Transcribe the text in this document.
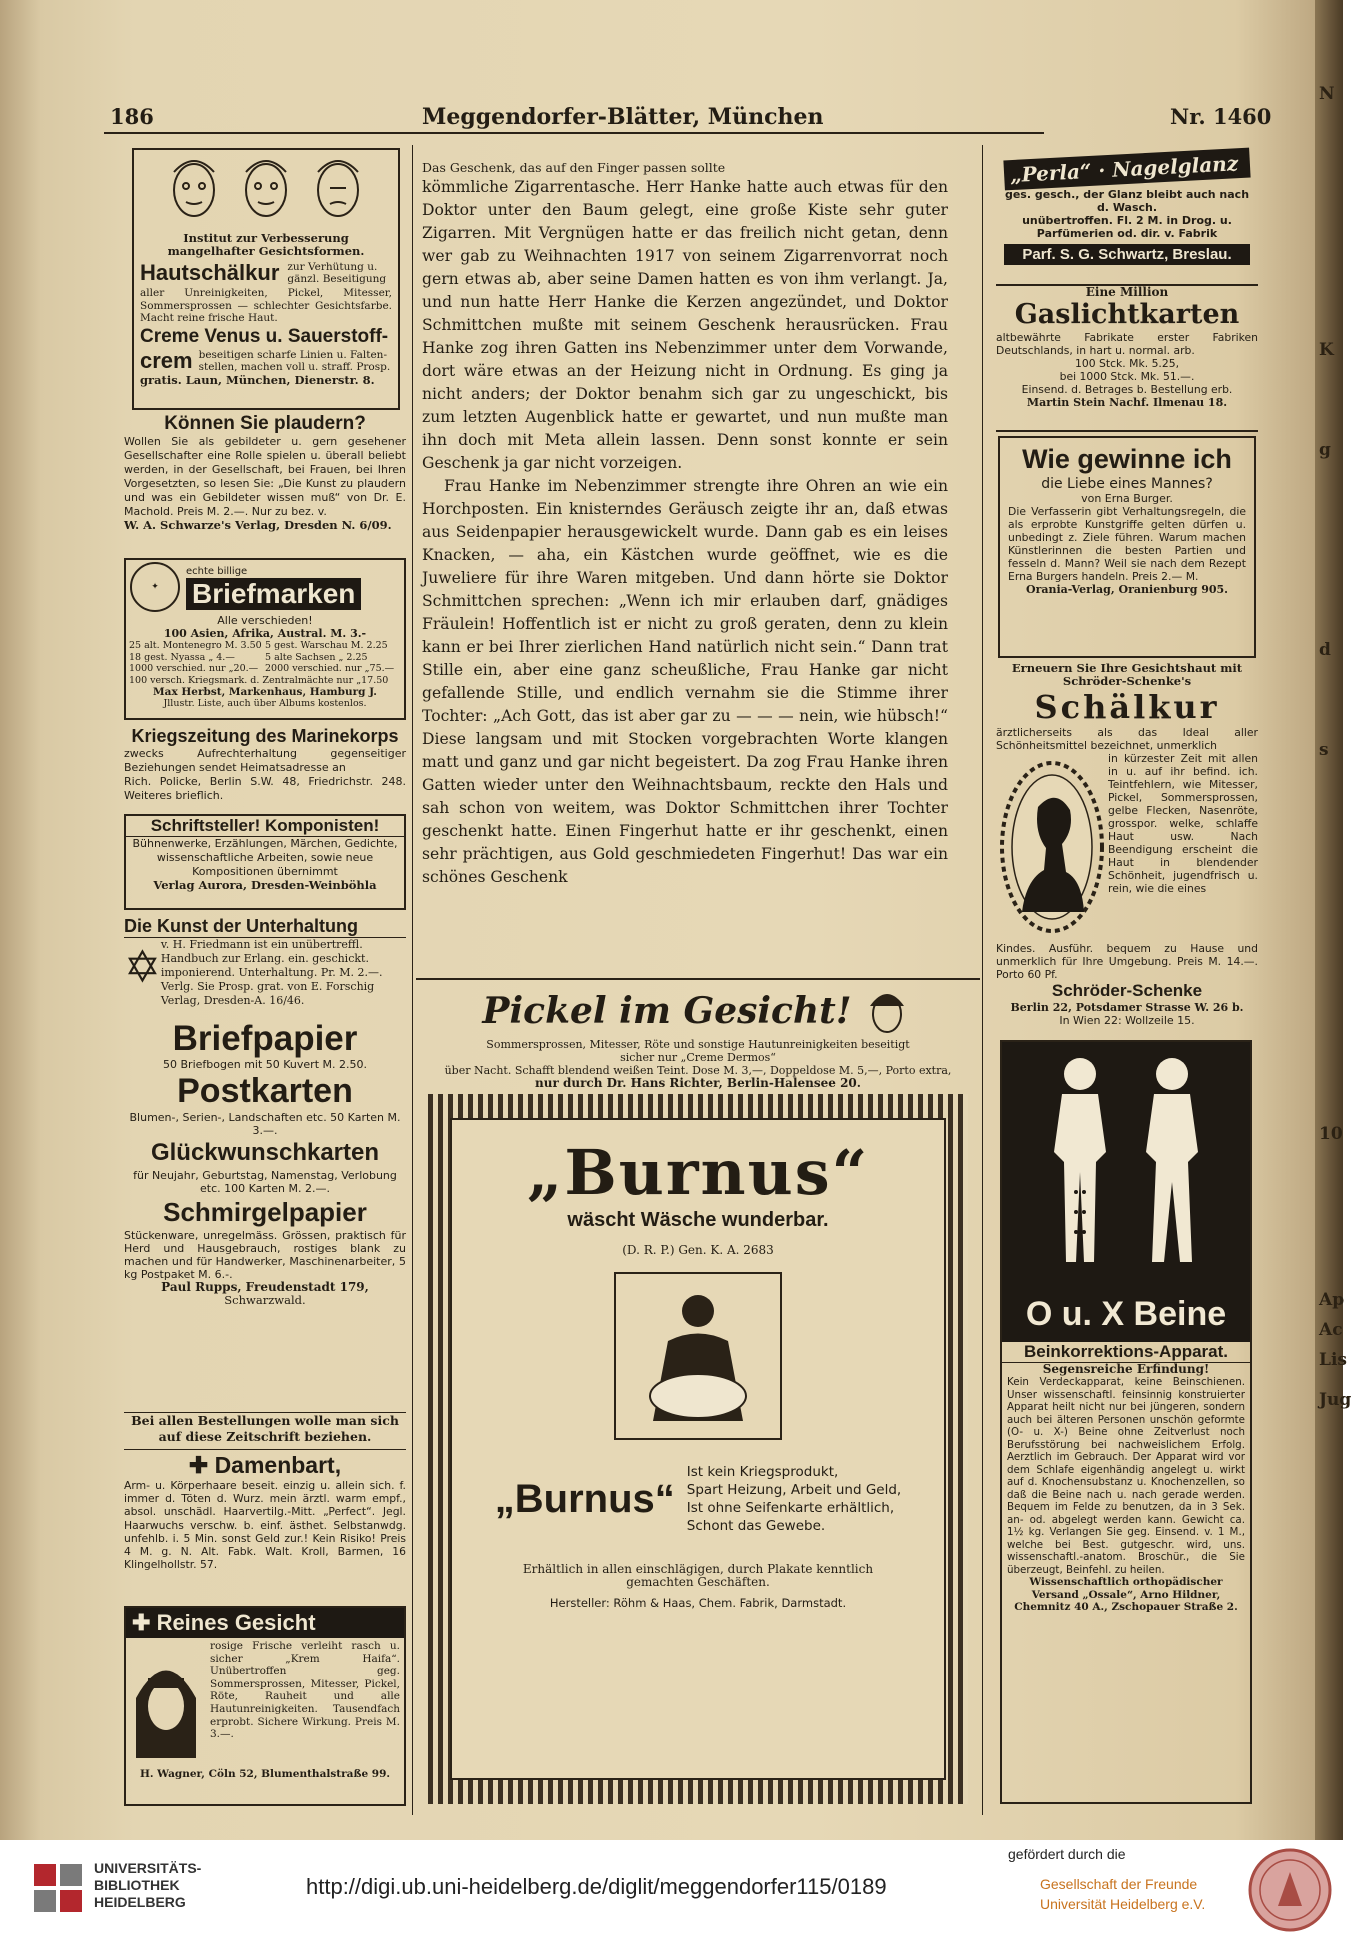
186	Meggendorfer-Blätter, München	Nr. 1460
Institut zur Verbesserung mangelhafter Gesichtsformen.
Hautschälkur zur Verhütung u. gänzl. Beseitigung
aller Unreinigkeiten, Pickel, Mitesser, Sommersprossen — schlechter Gesichtsfarbe. Macht reine frische Haut.
Creme Venus u. Sauerstoff-
crem beseitigen scharfe Linien u. Falten-stellen, machen voll u. straff. Prosp.
gratis. Laun, München, Dienerstr. 8.
Können Sie plaudern?
Wollen Sie als gebildeter u. gern gesehener Gesellschafter eine Rolle spielen u. überall beliebt werden, in der Gesellschaft, bei Frauen, bei Ihren Vorgesetzten, so lesen Sie: „Die Kunst zu plaudern und was ein Gebildeter wissen muß“ von Dr. E. Machold. Preis M. 2.—. Nur zu bez. v.
W. A. Schwarze's Verlag, Dresden N. 6/09.
✦
echte billige
Briefmarken
Alle verschieden!
100 Asien, Afrika, Austral. M. 3.-
25 alt. Montenegro M. 3.50 5 gest. Warschau M. 2.25
18 gest. Nyassa „ 4.—	5 alte Sachsen „ 2.25
1000 verschied. nur „20.— 2000 verschied. nur „75.—
100 versch. Kriegsmark. d. Zentralmächte nur „17.50
Max Herbst, Markenhaus, Hamburg J.
Jllustr. Liste, auch über Albums kostenlos.
Kriegszeitung des Marinekorps
zwecks Aufrechterhaltung gegenseitiger Beziehungen sendet Heimatsadresse an
Rich. Policke, Berlin S.W. 48, Friedrichstr. 248. Weiteres brieflich.
Schriftsteller! Komponisten!
Bühnenwerke, Erzählungen, Märchen, Gedichte, wissenschaftliche Arbeiten, sowie neue Kompositionen übernimmt
Verlag Aurora, Dresden-Weinböhla
Die Kunst der Unterhaltung
✡ v. H. Friedmann ist ein unübertreffl. Handbuch zur Erlang. ein. geschickt. imponierend. Unterhaltung. Pr. M. 2.—. Verlg. Sie Prosp. grat. von E. Forschig Verlag, Dresden-A. 16/46.
Briefpapier
50 Briefbogen mit 50 Kuvert M. 2.50.
Postkarten
Blumen-, Serien-, Landschaften etc. 50 Karten M. 3.—.
Glückwunschkarten
für Neujahr, Geburtstag, Namenstag, Verlobung etc. 100 Karten M. 2.—.
Schmirgelpapier
Stückenware, unregelmäss. Grössen, praktisch für Herd und Hausgebrauch, rostiges blank zu machen und für Handwerker, Maschinenarbeiter, 5 kg Postpaket M. 6.-.
Paul Rupps, Freudenstadt 179,
Schwarzwald.
Bei allen Bestellungen wolle man sich auf diese Zeitschrift beziehen.
✚ Damenbart,
Arm- u. Körperhaare beseit. einzig u. allein sich. f. immer d. Töten d. Wurz. mein ärztl. warm empf., absol. unschädl. Haarvertilg.-Mitt. „Perfect“. Jegl. Haarwuchs verschw. b. einf. ästhet. Selbstanwdg. unfehlb. i. 5 Min. sonst Geld zur.! Kein Risiko! Preis 4 M. g. N. Alt. Fabk. Walt. Kroll, Barmen, 16 Klingelhollstr. 57.
✚ Reines Gesicht
rosige Frische verleiht rasch u. sicher „Krem Haifa“. Unübertroffen geg. Sommersprossen, Mitesser, Pickel, Röte, Rauheit und alle Hautunreinigkeiten. Tausendfach erprobt. Sichere Wirkung. Preis M. 3.—.
H. Wagner, Cöln 52, Blumenthalstraße 99.

Das Geschenk, das auf den Finger passen sollte

kömmliche Zigarrentasche. Herr Hanke hatte auch etwas für den Doktor unter den Baum gelegt, eine große Kiste sehr guter Zigarren. Mit Vergnügen hatte er das freilich nicht getan, denn wer gab zu Weihnachten 1917 von seinem Zigarrenvorrat noch gern etwas ab, aber seine Damen hatten es von ihm verlangt. Ja, und nun hatte Herr Hanke die Kerzen angezündet, und Doktor Schmittchen mußte mit seinem Geschenk herausrücken. Frau Hanke zog ihren Gatten ins Nebenzimmer unter dem Vorwande, dort wäre etwas an der Heizung nicht in Ordnung. Es ging ja nicht anders; der Doktor benahm sich gar zu ungeschickt, bis zum letzten Augenblick hatte er gewartet, und nun mußte man ihn doch mit Meta allein lassen. Denn sonst konnte er sein Geschenk ja gar nicht vorzeigen.

Frau Hanke im Nebenzimmer strengte ihre Ohren an wie ein Horchposten. Ein knisterndes Geräusch zeigte ihr an, daß etwas aus Seidenpapier herausgewickelt wurde. Dann gab es ein leises Knacken, — aha, ein Kästchen wurde geöffnet, wie es die Juweliere für ihre Waren mitgeben. Und dann hörte sie Doktor Schmittchen sprechen: „Wenn ich mir erlauben darf, gnädiges Fräulein! Hoffentlich ist er nicht zu groß geraten, denn zu klein kann er bei Ihrer zierlichen Hand natürlich nicht sein.“ Dann trat Stille ein, aber eine ganz scheußliche, Frau Hanke gar nicht gefallende Stille, und endlich vernahm sie die Stimme ihrer Tochter: „Ach Gott, das ist aber gar zu — — — nein, wie hübsch!“ Diese langsam und mit Stocken vorgebrachten Worte klangen matt und ganz und gar nicht begeistert. Da zog Frau Hanke ihren Gatten wieder unter den Weihnachtsbaum, reckte den Hals und sah schon von weitem, was Doktor Schmittchen ihrer Tochter geschenkt hatte. Einen Fingerhut hatte er ihr geschenkt, einen sehr prächtigen, aus Gold geschmiedeten Fingerhut! Das war ein schönes Geschenk

Pickel im Gesicht!
Sommersprossen, Mitesser, Röte und sonstige Hautunreinigkeiten beseitigt sicher nur „Creme Dermos“
über Nacht. Schafft blendend weißen Teint. Dose M. 3,—, Doppeldose M. 5,—, Porto extra,
nur durch Dr. Hans Richter, Berlin-Halensee 20.
„Burnus“
wäscht Wäsche wunderbar.
(D. R. P.) Gen. K. A. 2683
„Burnus“
Ist kein Kriegsprodukt,
Spart Heizung, Arbeit und Geld,
Ist ohne Seifenkarte erhältlich,
Schont das Gewebe.
Erhältlich in allen einschlägigen, durch Plakate kenntlich gemachten Geschäften.
Hersteller: Röhm & Haas, Chem. Fabrik, Darmstadt.
„Perla“ · Nagelglanz
ges. gesch., der Glanz bleibt auch nach d. Wasch.
unübertroffen. Fl. 2 M. in Drog. u. Parfümerien od. dir. v. Fabrik
Parf. S. G. Schwartz, Breslau.
Eine Million
Gaslichtkarten
altbewährte Fabrikate erster Fabriken Deutschlands, in hart u. normal. arb.
100 Stck. Mk. 5.25,
bei 1000 Stck. Mk. 51.—.
Einsend. d. Betrages b. Bestellung erb.
Martin Stein Nachf. Ilmenau 18.
Wie gewinne ich
die Liebe eines Mannes?
von Erna Burger.
Die Verfasserin gibt Verhaltungsregeln, die als erprobte Kunstgriffe gelten dürfen u. unbedingt z. Ziele führen. Warum machen Künstlerinnen die besten Partien und fesseln d. Mann? Weil sie nach dem Rezept Erna Burgers handeln. Preis 2.— M.
Orania-Verlag, Oranienburg 905.
Erneuern Sie Ihre Gesichtshaut mit Schröder-Schenke's
Schälkur
ärztlicherseits als das Ideal aller Schönheitsmittel bezeichnet, unmerklich
in kürzester Zeit mit allen in u. auf ihr befind. ich. Teintfehlern, wie Mitesser, Pickel, Sommersprossen, gelbe Flecken, Nasenröte, grosspor. welke, schlaffe Haut usw. Nach Beendigung erscheint die Haut in blendender Schönheit, jugendfrisch u. rein, wie die eines
Kindes. Ausführ. bequem zu Hause und unmerklich für Ihre Umgebung. Preis M. 14.—. Porto 60 Pf.
Schröder-Schenke
Berlin 22, Potsdamer Strasse W. 26 b.
In Wien 22: Wollzeile 15.
O u. X Beine
Beinkorrektions-Apparat.
Segensreiche Erfindung!
Kein Verdeckapparat, keine Beinschienen. Unser wissenschaftl. feinsinnig konstruierter Apparat heilt nicht nur bei jüngeren, sondern auch bei älteren Personen unschön geformte (O- u. X-) Beine ohne Zeitverlust noch Berufsstörung bei nachweislichem Erfolg. Aerztlich im Gebrauch. Der Apparat wird vor dem Schlafe eigenhändig angelegt u. wirkt auf d. Knochensubstanz u. Knochenzellen, so daß die Beine nach u. nach gerade werden. Bequem im Felde zu benutzen, da in 3 Sek. an- od. abgelegt werden kann. Gewicht ca. 1½ kg. Verlangen Sie geg. Einsend. v. 1 M., welche bei Best. gutgeschr. wird, uns. wissenschaftl.-anatom. Broschür., die Sie überzeugt, Beinfehl. zu heilen.
Wissenschaftlich orthopädischer Versand „Ossale“, Arno Hildner, Chemnitz 40 A., Zschopauer Straße 2.
N
K
g
d
s
10
Ap
Ac
Lis
Jug
UNIVERSITÄTS-
BIBLIOTHEK
HEIDELBERG
http://digi.ub.uni-heidelberg.de/diglit/meggendorfer115/0189
gefördert durch die
Gesellschaft der Freunde
Universität Heidelberg e.V.
